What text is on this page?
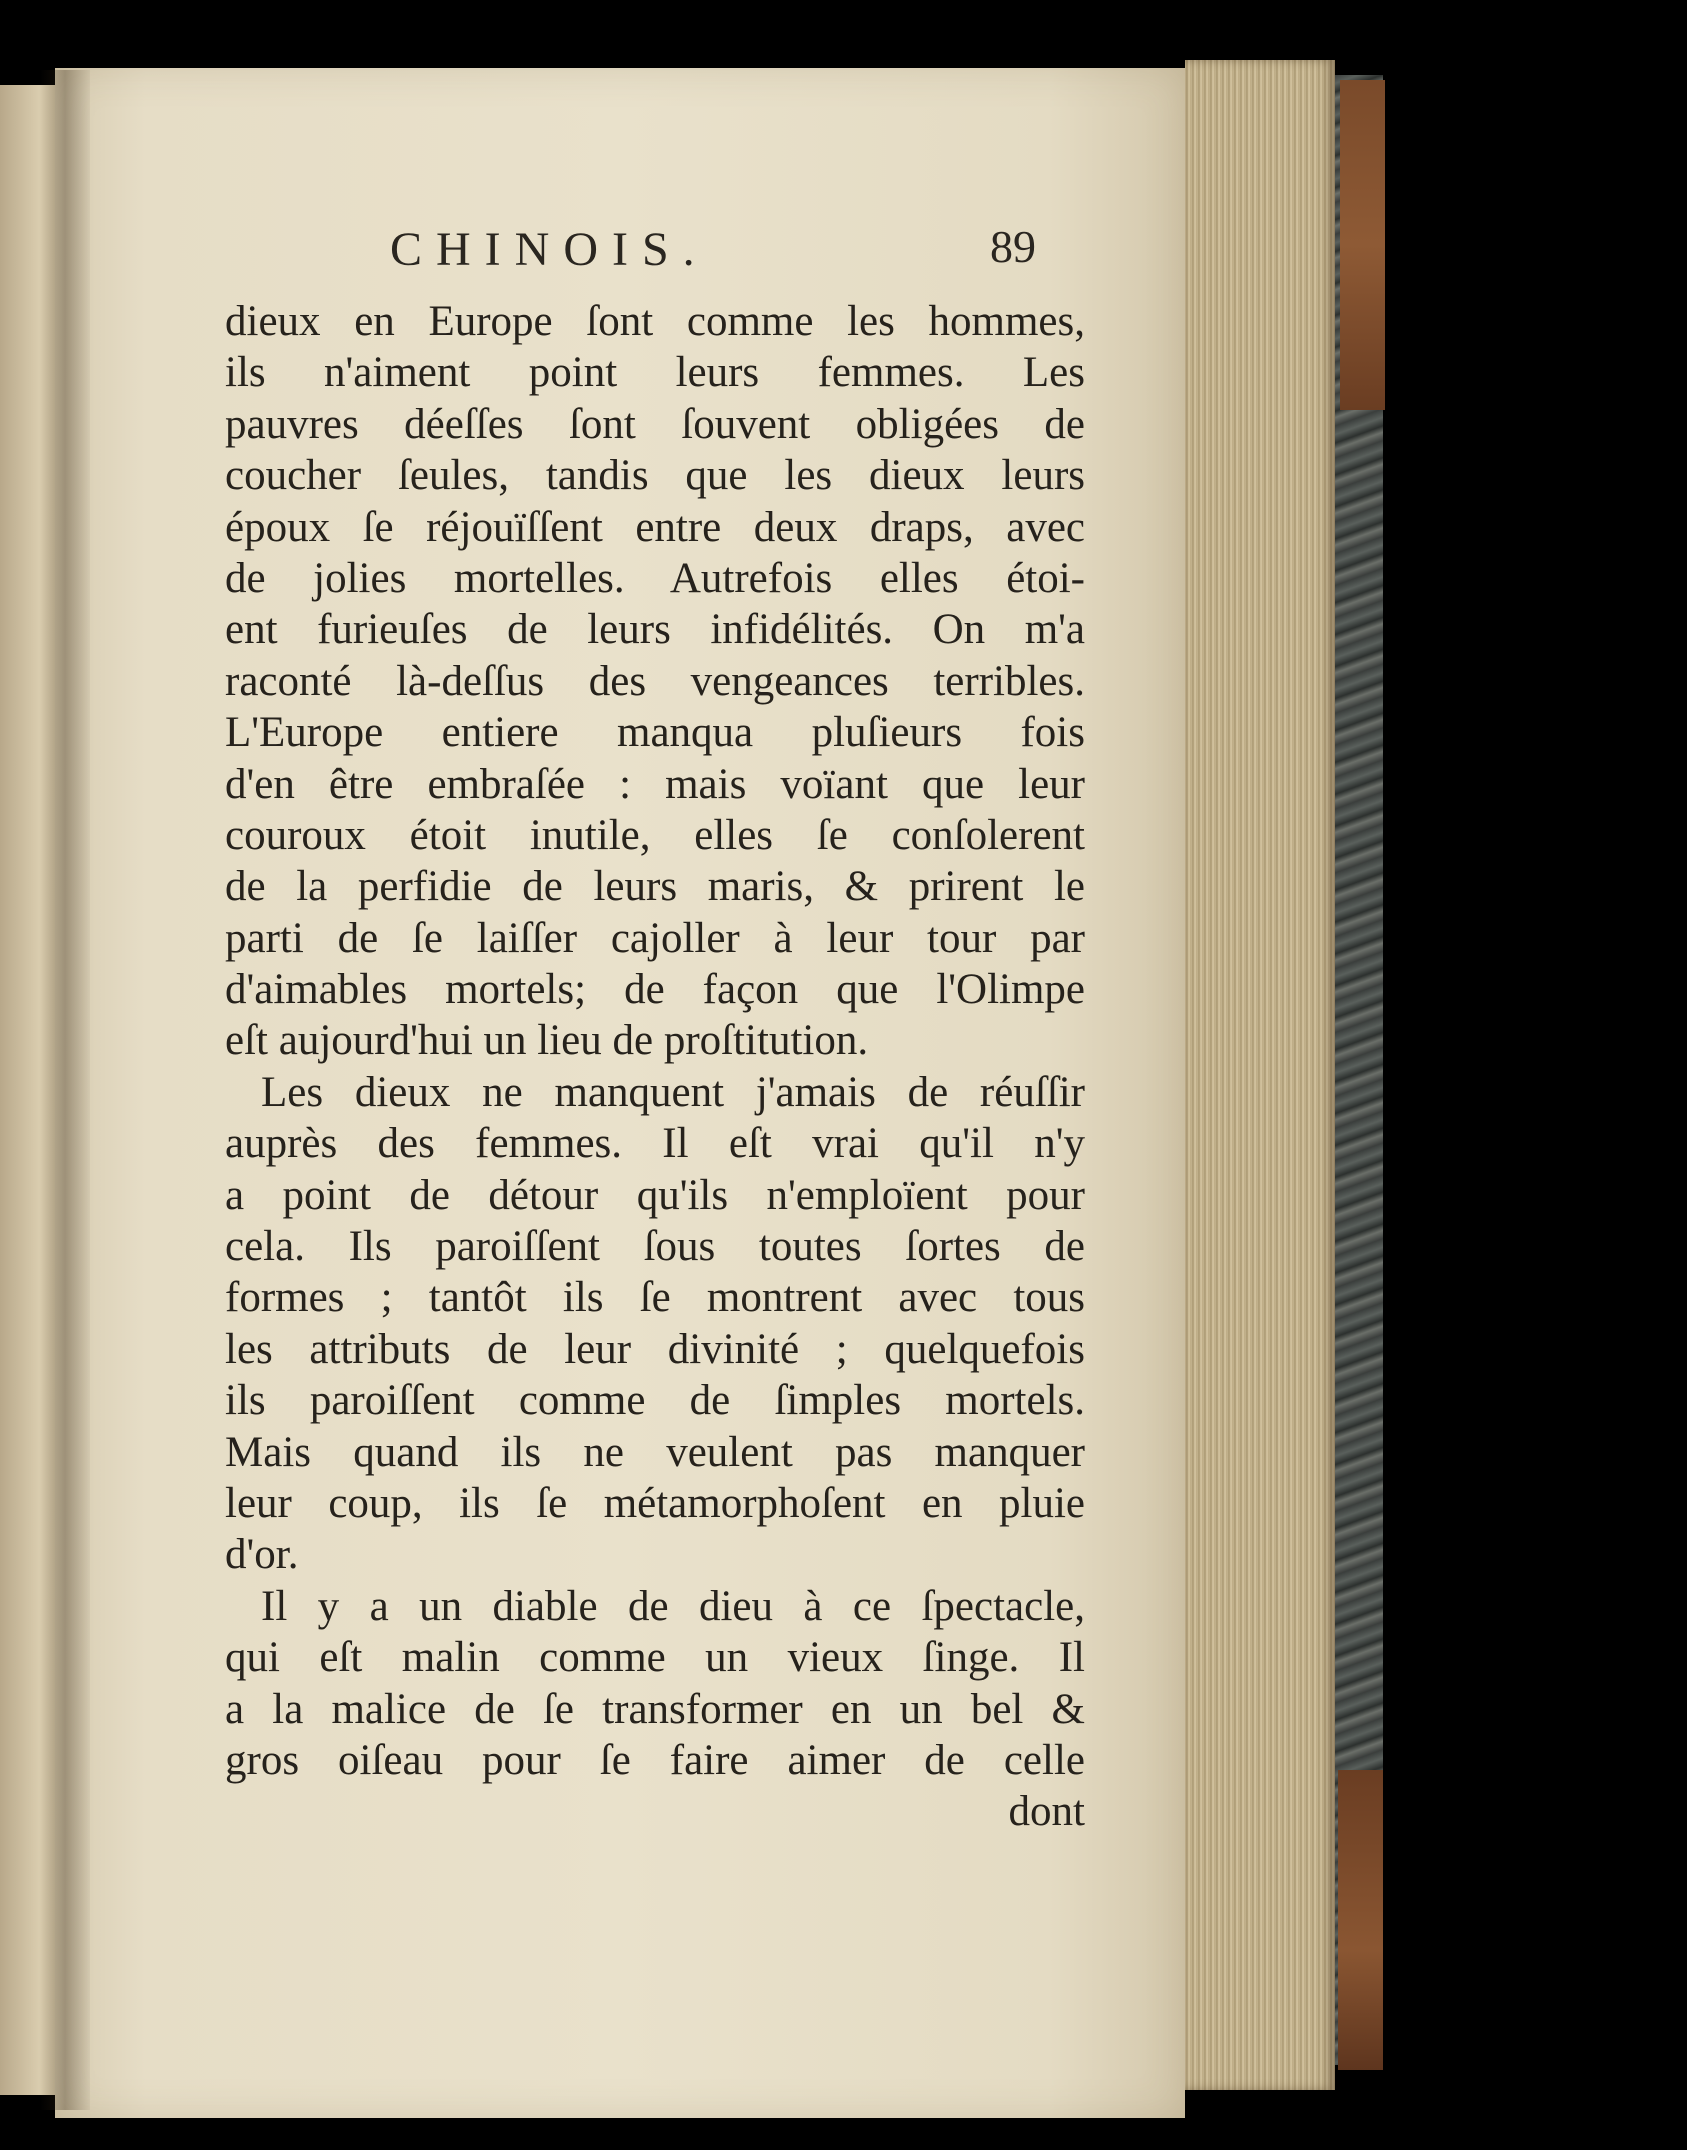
CHINOIS.	89
dieux en Europe ſont comme les hommes,
ils n'aiment point leurs femmes. Les
pauvres déeſſes ſont ſouvent obligées de
coucher ſeules, tandis que les dieux leurs
époux ſe réjouïſſent entre deux draps, avec
de jolies mortelles. Autrefois elles étoi-
ent furieuſes de leurs infidélités. On m'a
raconté là-deſſus des vengeances terribles.
L'Europe entiere manqua pluſieurs fois
d'en être embraſée : mais voïant que leur
couroux étoit inutile, elles ſe conſolerent
de la perfidie de leurs maris, & prirent le
parti de ſe laiſſer cajoller à leur tour par
d'aimables mortels; de façon que l'Olimpe
eſt aujourd'hui un lieu de proſtitution.
Les dieux ne manquent j'amais de réuſſir
auprès des femmes. Il eſt vrai qu'il n'y
a point de détour qu'ils n'emploïent pour
cela. Ils paroiſſent ſous toutes ſortes de
formes ; tantôt ils ſe montrent avec tous
les attributs de leur divinité ; quelquefois
ils paroiſſent comme de ſimples mortels.
Mais quand ils ne veulent pas manquer
leur coup, ils ſe métamorphoſent en pluie
d'or.
Il y a un diable de dieu à ce ſpectacle,
qui eſt malin comme un vieux ſinge. Il
a la malice de ſe transformer en un bel &
gros oiſeau pour ſe faire aimer de celle
dont
